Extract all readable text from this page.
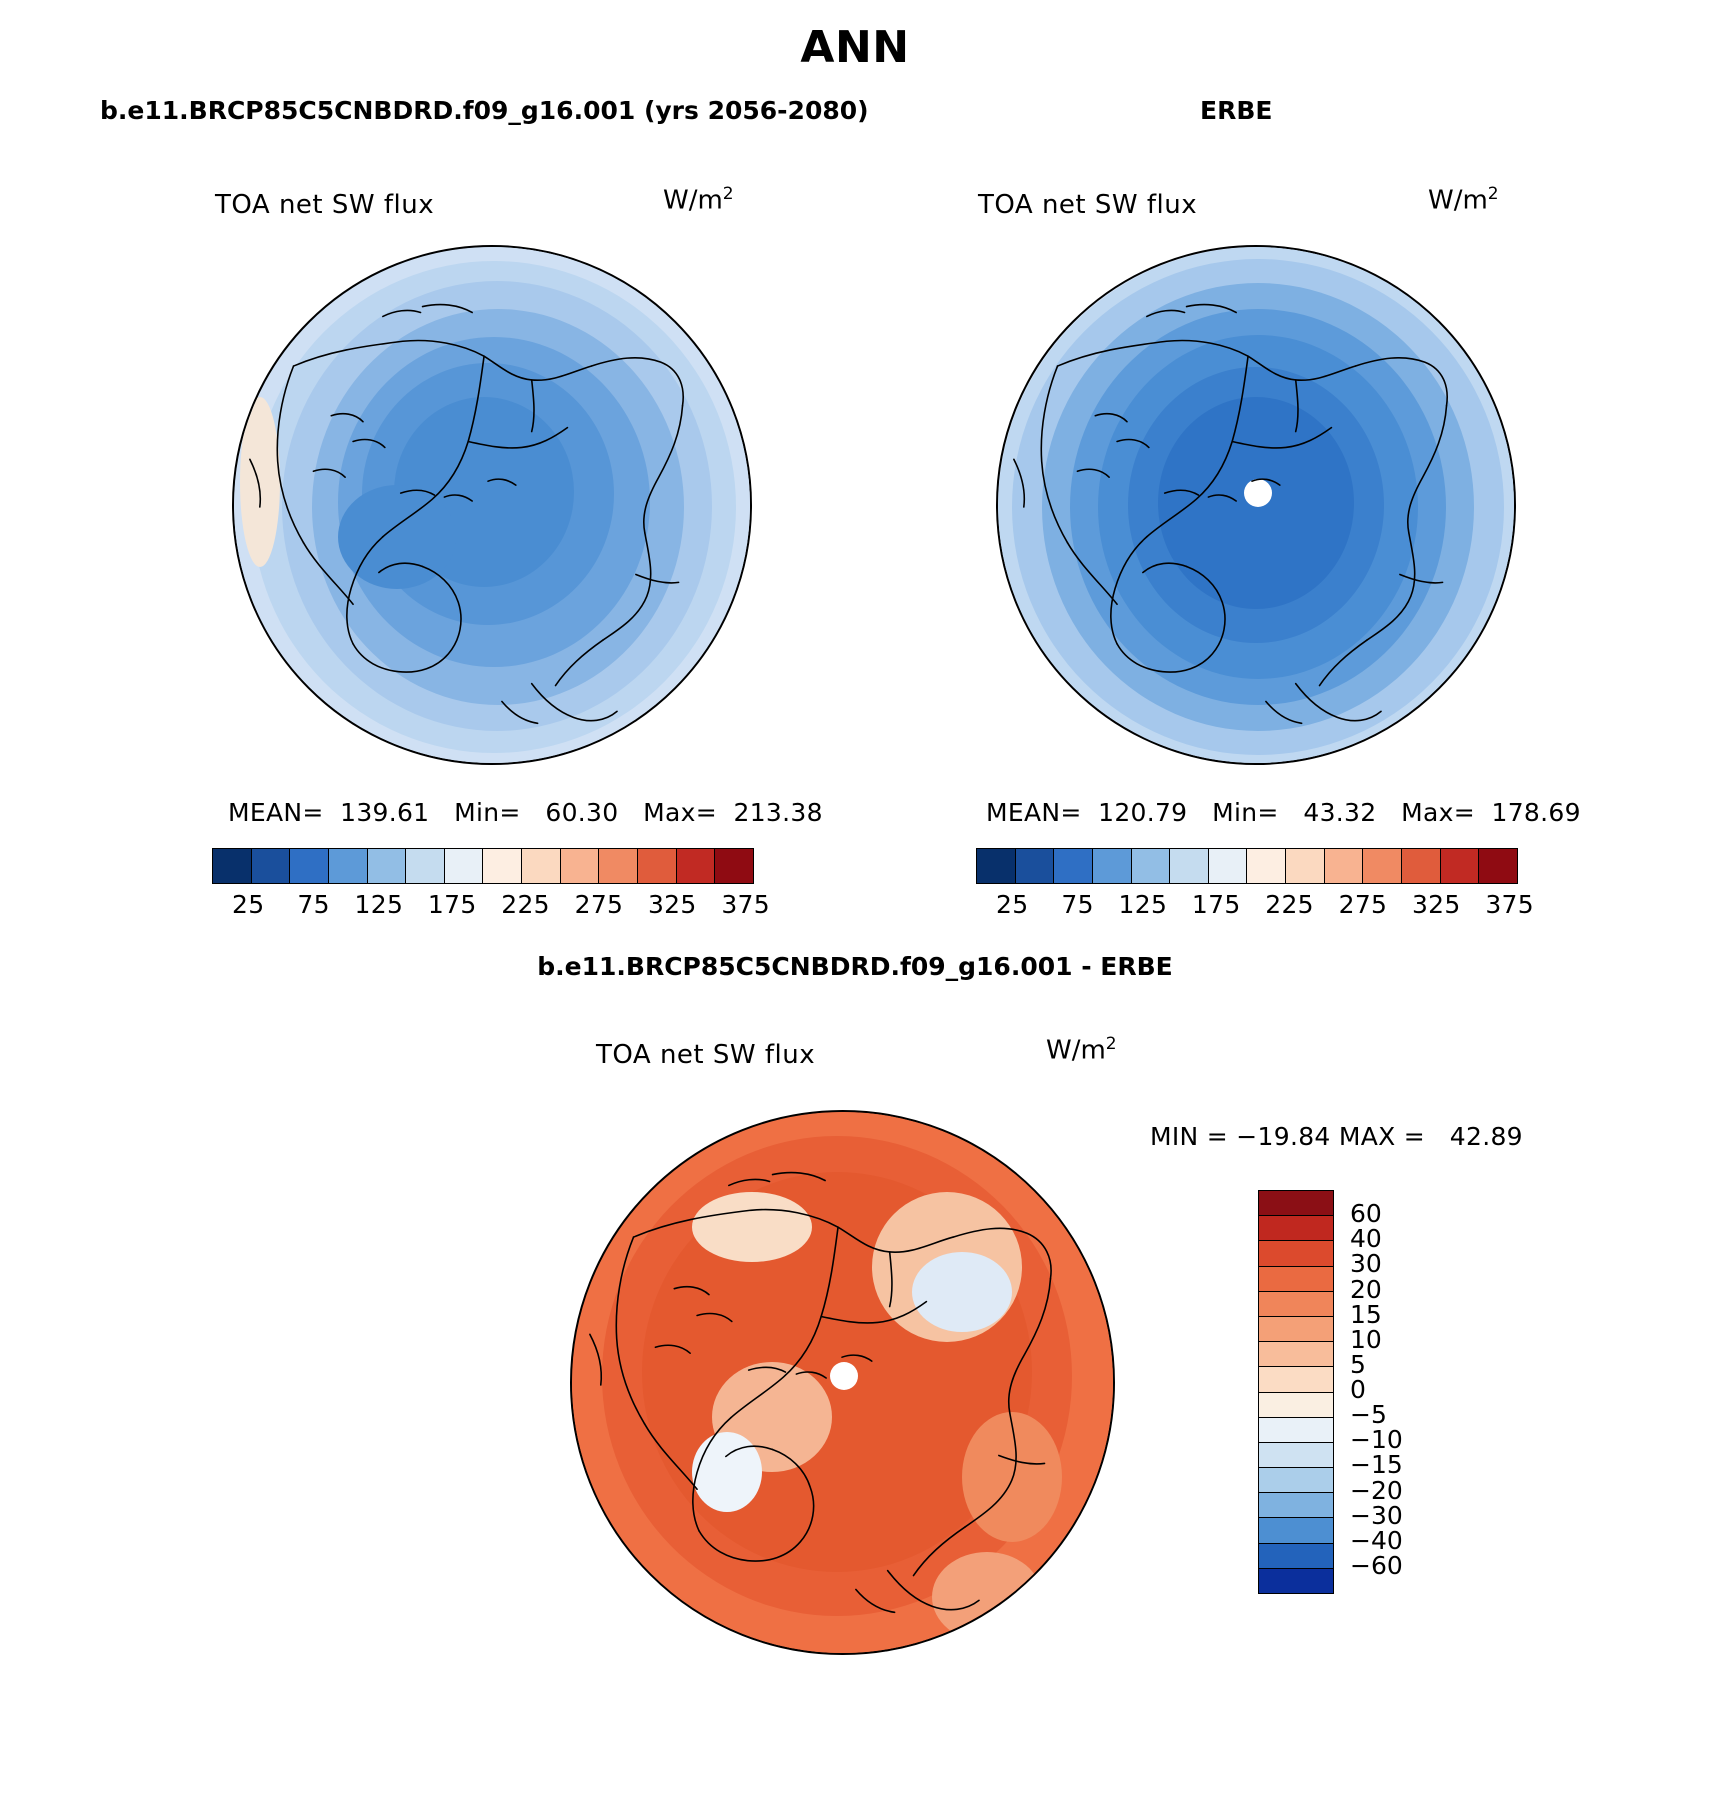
ANN
b.e11.BRCP85C5CNBDRD.f09_g16.001 (yrs 2056-2080)	ERBE
TOA net SW flux	$W/m^2$
MEAN=  139.61   Min=   60.30   Max=  213.38
25    75   125   175   225   275   325   375
TOA net SW flux	$W/m^2$
MEAN=  120.79   Min=   43.32   Max=  178.69
25    75   125   175   225   275   325   375
b.e11.BRCP85C5CNBDRD.f09_g16.001 - ERBE
TOA net SW flux	$W/m^2$
MIN = −19.84 MAX =   42.89
60
40
30
20
15
10
5
0
−5
−10
−15
−20
−30
−40
−60
